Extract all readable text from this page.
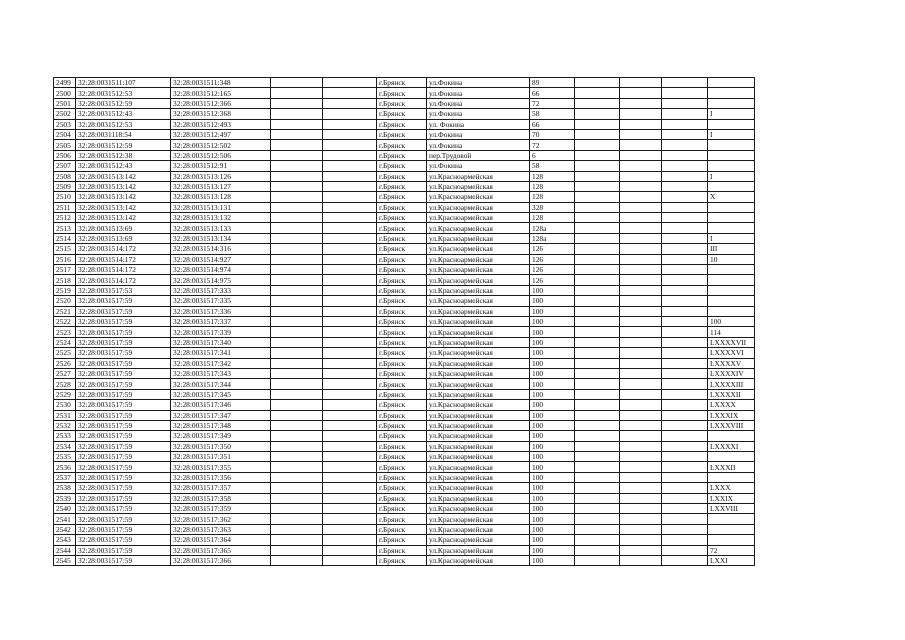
2499	32:28:0031511:107	32:28:0031511:348			г.Брянск	ул.Фокина	89				
2500	32:28:0031512:53	32:28:0031512:165			г.Брянск	ул.Фокина	66				
2501	32:28:0031512:59	32:28:0031512:366			г.Брянск	ул.Фокина	72				
2502	32:28:0031512:43	32:28:0031512:368			г.Брянск	ул.Фокина	58				I
2503	32:28:0031512:53	32:28:0031512:493			г.Брянск	ул. Фокина	66				
2504	32:28:0031118:54	32:28:0031512:497			г.Брянск	ул.Фокина	70				I
2505	32:28:0031512:59	32:28:0031512:502			г.Брянск	ул.Фокина	72				
2506	32:28:0031512:38	32:28:0031512:506			г.Брянск	пер.Трудовой	6				
2507	32:28:0031512:43	32:28:0031512:91			г.Брянск	ул.Фокина	58				
2508	32:28:0031513:142	32:28:0031513:126			г.Брянск	ул.Красноармейская	128				I
2509	32:28:0031513:142	32:28:0031513:127			г.Брянск	ул.Красноармейская	128				
2510	32:28:0031513:142	32:28:0031513:128			г.Брянск	ул.Красноармейская	128				X
2511	32:28:0031513:142	32:28:0031513:131			г.Брянск	ул.Красноармейская	328				
2512	32:28:0031513:142	32:28:0031513:132			г.Брянск	ул.Красноармейская	128				
2513	32:28:0031513:69	32:28:0031513:133			г.Брянск	ул.Красноармейская	128а				
2514	32:28:0031513:69	32:28:0031513:134			г.Брянск	ул.Красноармейская	128а				I
2515	32:28:0031514:172	32:28:0031514:316			г.Брянск	ул.Красноармейская	126				III
2516	32:28:0031514:172	32:28:0031514:927			г.Брянск	ул.Красноармейская	126				10
2517	32:28:0031514:172	32:28:0031514:974			г.Брянск	ул.Красноармейская	126				
2518	32:28:0031514:172	32:28:0031514:975			г.Брянск	ул.Красноармейская	126				
2519	32:28:0031517:53	32:28:0031517:333			г.Брянск	ул.Красноармейская	100				
2520	32:28:0031517:59	32:28:0031517:335			г.Брянск	ул.Красноармейская	100				
2521	32:28:0031517:59	32:28:0031517:336			г.Брянск	ул.Красноармейская	100				
2522	32:28:0031517:59	32:28:0031517:337			г.Брянск	ул.Красноармейская	100				100
2523	32:28:0031517:59	32:28:0031517:339			г.Брянск	ул.Красноармейская	100				114
2524	32:28:0031517:59	32:28:0031517:340			г.Брянск	ул.Красноармейская	100				LXXXXVII
2525	32:28:0031517:59	32:28:0031517:341			г.Брянск	ул.Красноармейская	100				LXXXXVI
2526	32:28:0031517:59	32:28:0031517:342			г.Брянск	ул.Красноармейская	100				LXXXXV
2527	32:28:0031517:59	32:28:0031517:343			г.Брянск	ул.Красноармейская	100				LXXXXIV
2528	32:28:0031517:59	32:28:0031517:344			г.Брянск	ул.Красноармейская	100				LXXXXIII
2529	32:28:0031517:59	32:28:0031517:345			г.Брянск	ул.Красноармейская	100				LXXXXII
2530	32:28:0031517:59	32:28:0031517:346			г.Брянск	ул.Красноармейская	100				LXXXX
2531	32:28:0031517:59	32:28:0031517:347			г.Брянск	ул.Красноармейская	100				LXXXIX
2532	32:28:0031517:59	32:28:0031517:348			г.Брянск	ул.Красноармейская	100				LXXXVIII
2533	32:28:0031517:59	32:28:0031517:349			г.Брянск	ул.Красноармейская	100				
2534	32:28:0031517:59	32:28:0031517:350			г.Брянск	ул.Красноармейская	100				LXXXXI
2535	32:28:0031517:59	32:28:0031517:351			г.Брянск	ул.Красноармейская	100				
2536	32:28:0031517:59	32:28:0031517:355			г.Брянск	ул.Красноармейская	100				LXXXII
2537	32:28:0031517:59	32:28:0031517:356			г.Брянск	ул.Красноармейская	100				
2538	32:28:0031517:59	32:28:0031517:357			г.Брянск	ул.Красноармейская	100				LXXX
2539	32:28:0031517:59	32:28:0031517:358			г.Брянск	ул.Красноармейская	100				LXXIX
2540	32:28:0031517:59	32:28:0031517:359			г.Брянск	ул.Красноармейская	100				LXXVIII
2541	32:28:0031517:59	32:28:0031517:362			г.Брянск	ул.Красноармейская	100				
2542	32:28:0031517:59	32:28:0031517:363			г.Брянск	ул.Красноармейская	100				
2543	32:28:0031517:59	32:28:0031517:364			г.Брянск	ул.Красноармейская	100				
2544	32:28:0031517:59	32:28:0031517:365			г.Брянск	ул.Красноармейская	100				72
2545	32:28:0031517:59	32:28:0031517:366			г.Брянск	ул.Красноармейская	100				LXXI
